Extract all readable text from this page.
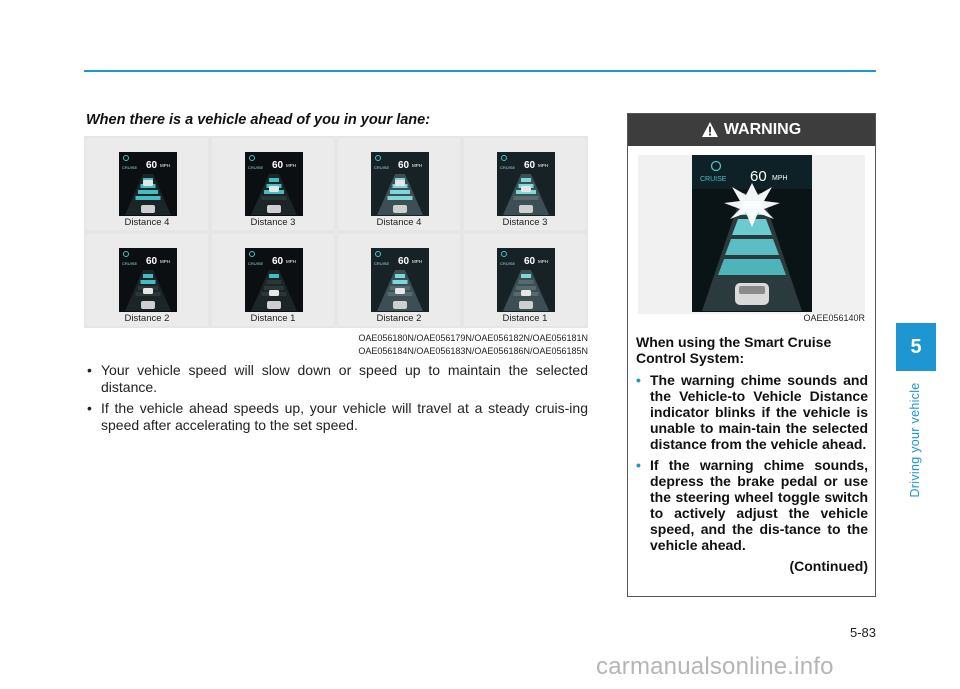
When there is a vehicle ahead of you in your lane:
CRUISE 60 MPH
Distance 4
CRUISE 60 MPH
Distance 3
CRUISE 60 MPH
Distance 4
CRUISE 60 MPH
Distance 3
CRUISE 60 MPH
Distance 2
CRUISE 60 MPH
Distance 1
CRUISE 60 MPH
Distance 2
CRUISE 60 MPH
Distance 1
OAE056180N/OAE056179N/OAE056182N/OAE056181N
OAE056184N/OAE056183N/OAE056186N/OAE056185N
• Your vehicle speed will slow down or speed up to maintain the selected distance.
• If the vehicle ahead speeds up, your vehicle will travel at a steady cruis-ing speed after accelerating to the set speed.
WARNING
CRUISE 60 MPH
OAEE056140R

When using the Smart Cruise Control System:

• The warning chime sounds and the Vehicle-to Vehicle Distance indicator blinks if the vehicle is unable to main-tain the selected distance from the vehicle ahead.
• If the warning chime sounds, depress the brake pedal or use the steering wheel toggle switch to actively adjust the vehicle speed, and the dis-tance to the vehicle ahead.
(Continued)
5
Driving your vehicle
5-83
carmanualsonline.info
